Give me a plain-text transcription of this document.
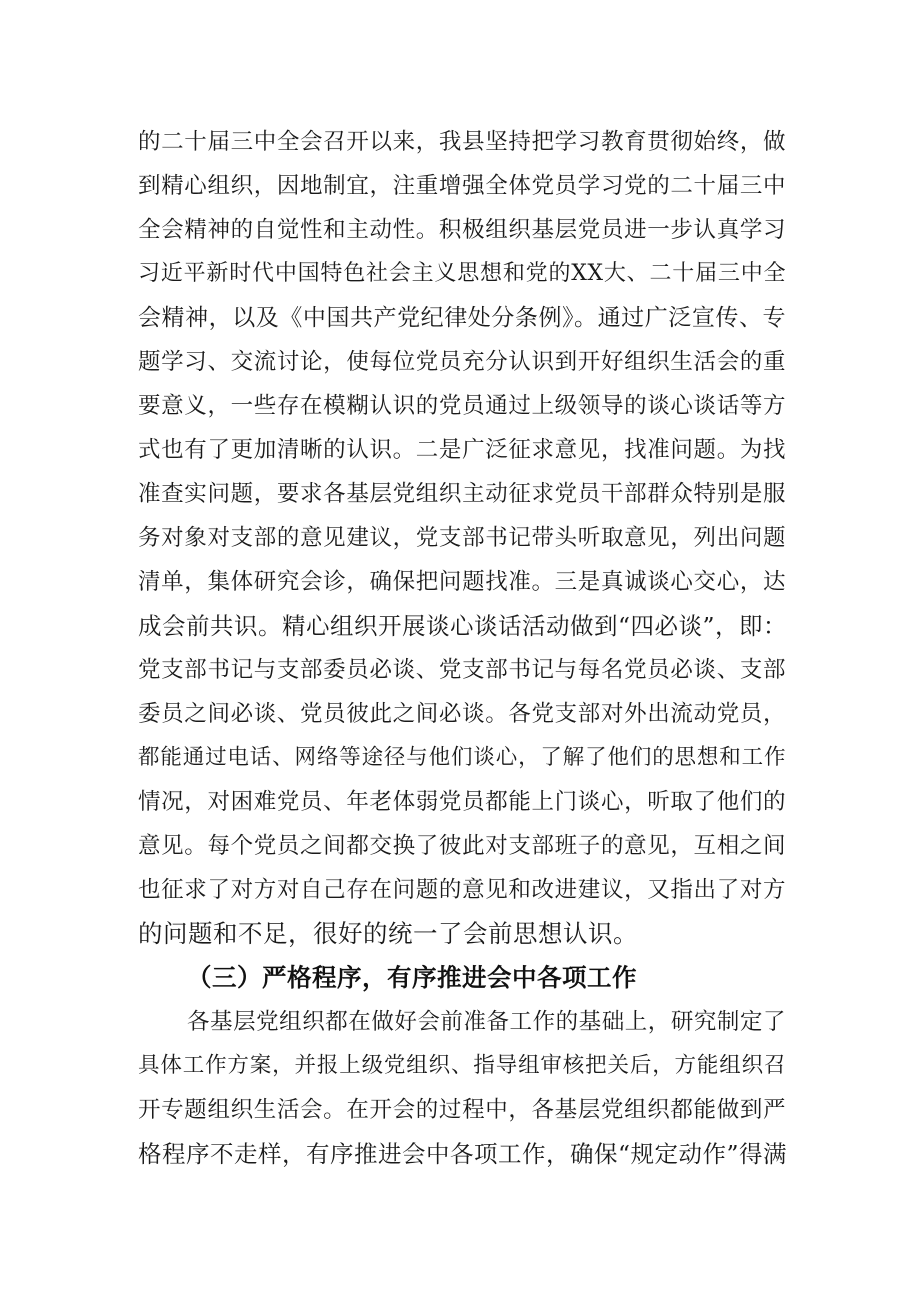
的二十届三中全会召开以来，我县坚持把学习教育贯彻始终，做
到精心组织，因地制宜，注重增强全体党员学习党的二十届三中
全会精神的自觉性和主动性。积极组织基层党员进一步认真学习
习近平新时代中国特色社会主义思想和党的XX大、二十届三中全
会精神，以及《中国共产党纪律处分条例》。通过广泛宣传、专
题学习、交流讨论，使每位党员充分认识到开好组织生活会的重
要意义，一些存在模糊认识的党员通过上级领导的谈心谈话等方
式也有了更加清晰的认识。二是广泛征求意见，找准问题。为找
准查实问题，要求各基层党组织主动征求党员干部群众特别是服
务对象对支部的意见建议，党支部书记带头听取意见，列出问题
清单，集体研究会诊，确保把问题找准。三是真诚谈心交心，达
成会前共识。精心组织开展谈心谈话活动做到“四必谈”，即：
党支部书记与支部委员必谈、党支部书记与每名党员必谈、支部
委员之间必谈、党员彼此之间必谈。各党支部对外出流动党员，
都能通过电话、网络等途径与他们谈心，了解了他们的思想和工作
情况，对困难党员、年老体弱党员都能上门谈心，听取了他们的
意见。每个党员之间都交换了彼此对支部班子的意见，互相之间
也征求了对方对自己存在问题的意见和改进建议，又指出了对方
的问题和不足，很好的统一了会前思想认识。
（三）严格程序，有序推进会中各项工作
各基层党组织都在做好会前准备工作的基础上，研究制定了
具体工作方案，并报上级党组织、指导组审核把关后，方能组织召
开专题组织生活会。在开会的过程中，各基层党组织都能做到严
格程序不走样，有序推进会中各项工作，确保“规定动作”得满
